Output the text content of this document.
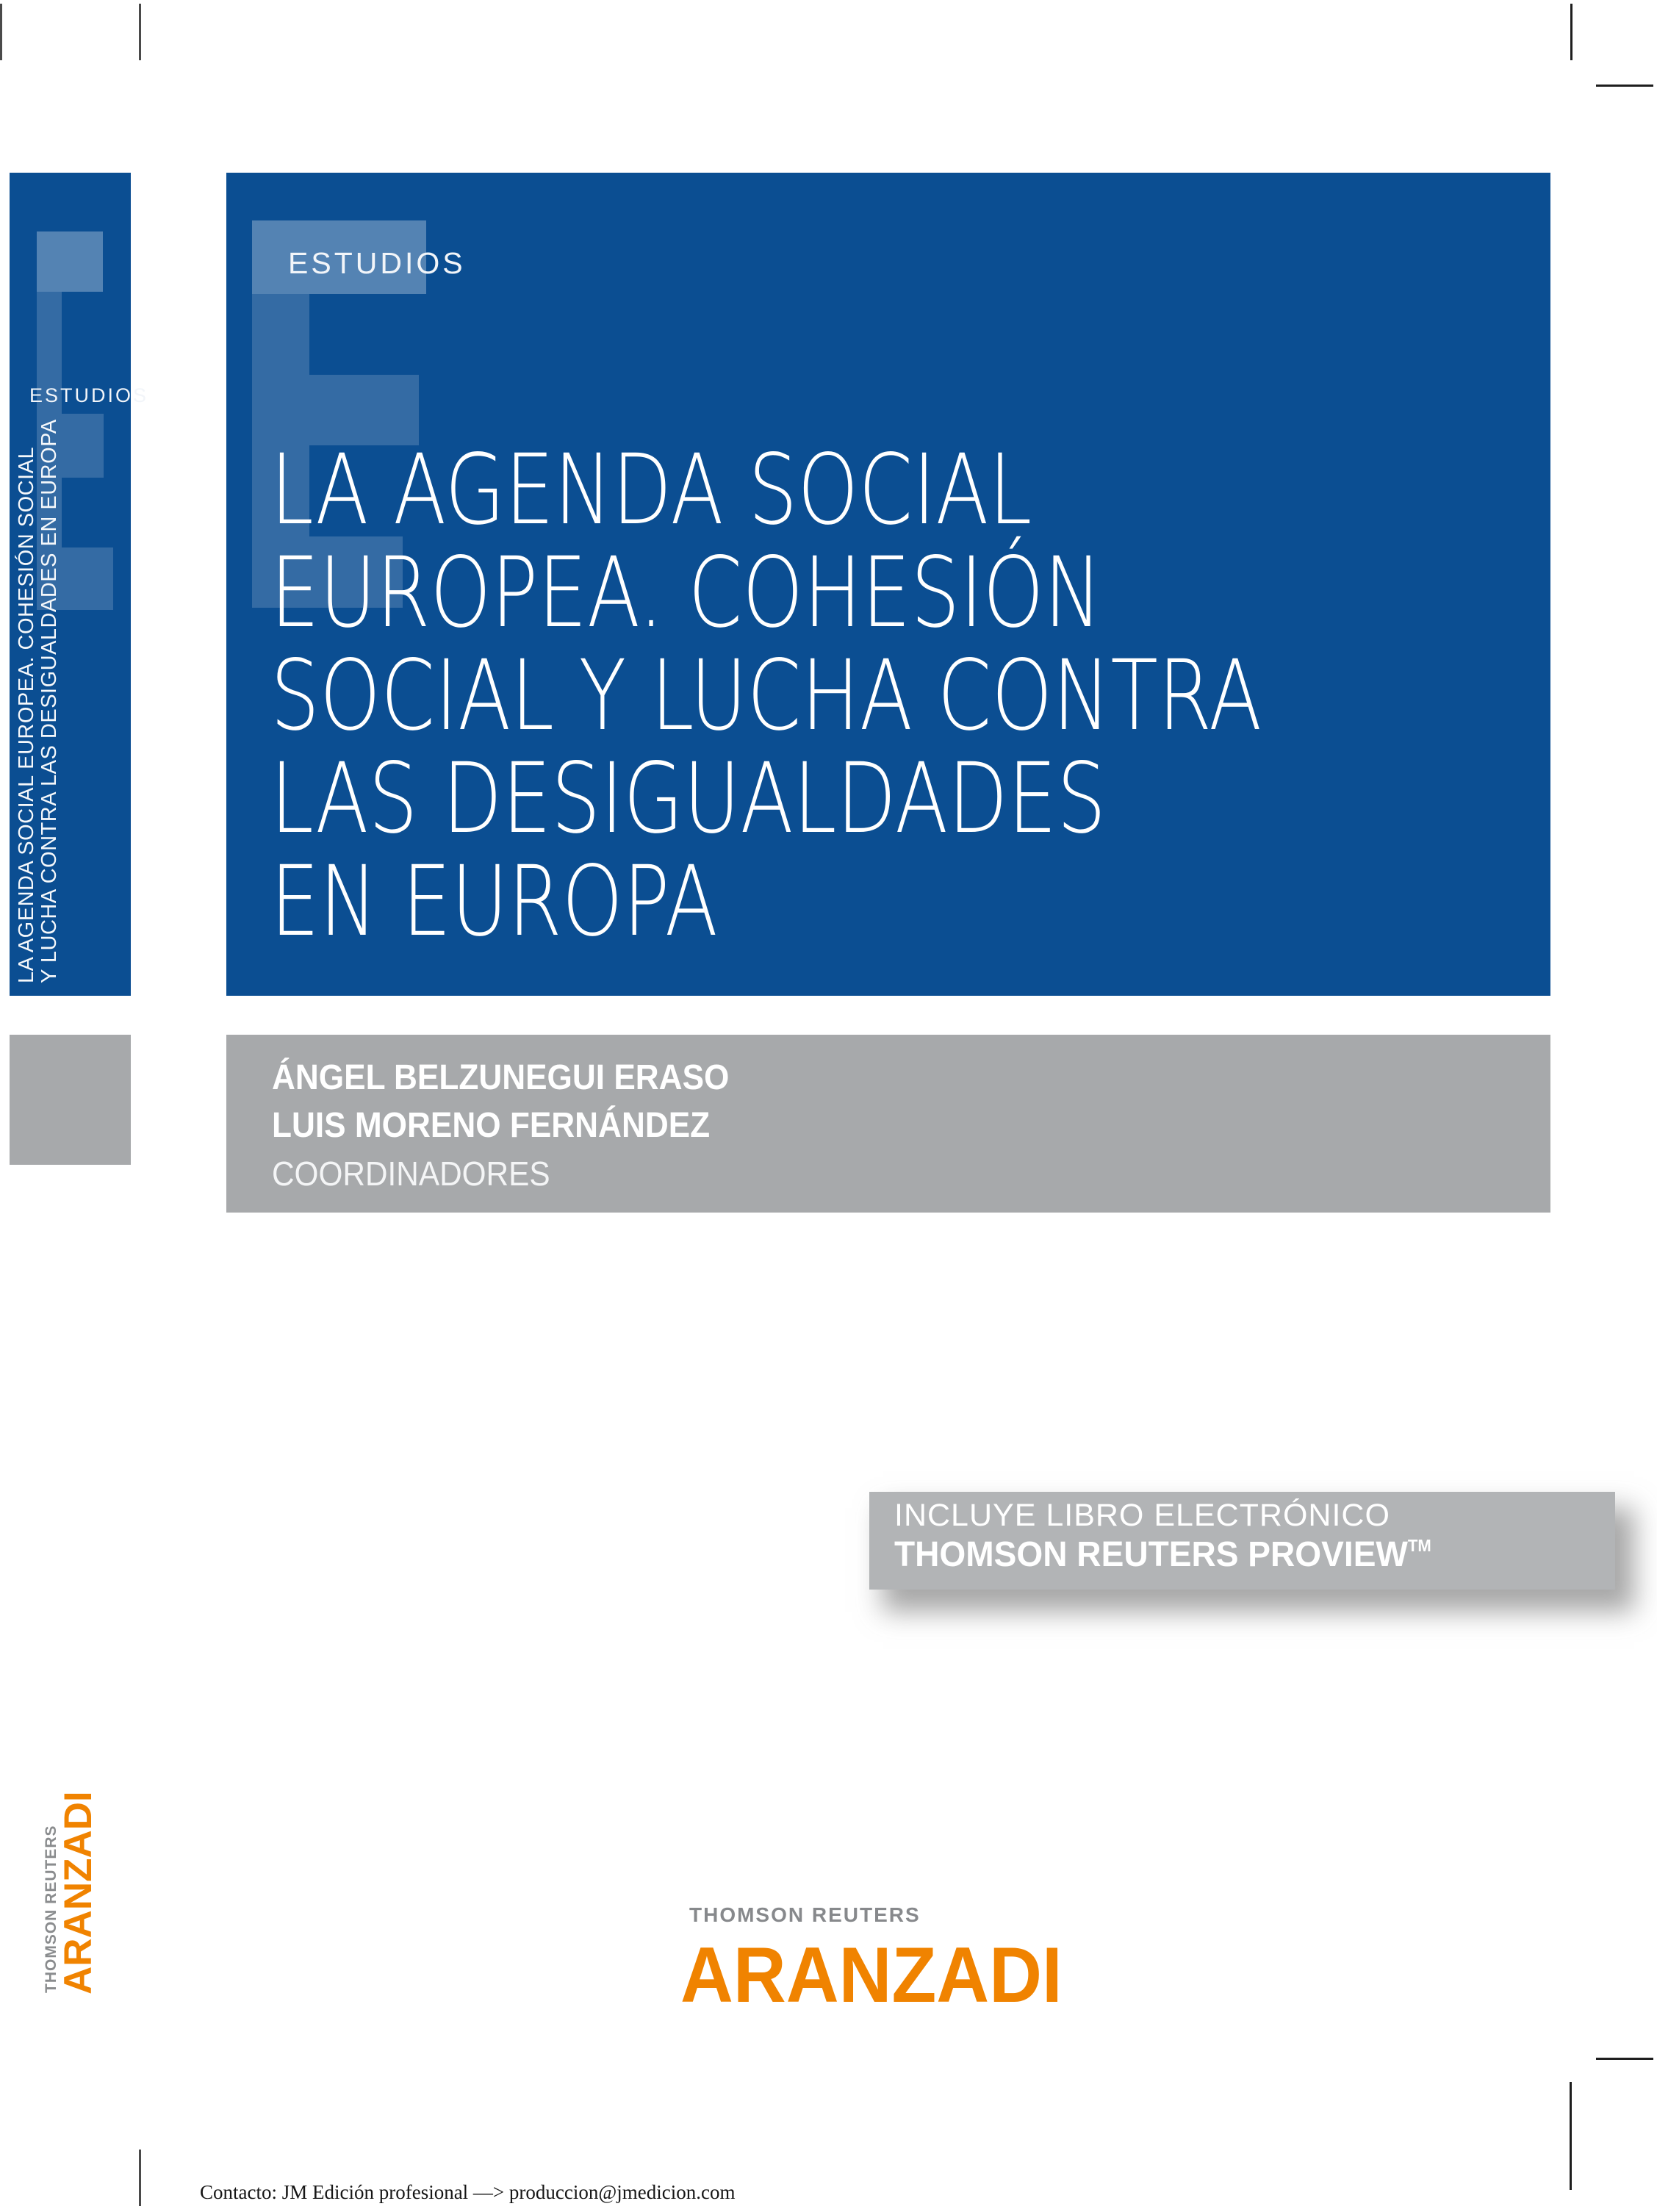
ESTUDIOS
LA AGENDA SOCIAL EUROPEA. COHESIÓN SOCIAL Y LUCHA CONTRA LAS DESIGUALDADES EN EUROPA
ESTUDIOS
LA AGENDA SOCIAL
EUROPEA. COHESIÓN
SOCIAL Y LUCHA CONTRA
LAS DESIGUALDADES
EN EUROPA
ÁNGEL BELZUNEGUI ERASO
LUIS MORENO FERNÁNDEZ
COORDINADORES
INCLUYE LIBRO ELECTRÓNICO
THOMSON REUTERS PROVIEW™
THOMSON REUTERS
ARANZADI	THOMSON REUTERS
ARANZADI
Contacto: JM Edición profesional —> produccion@jmedicion.com
